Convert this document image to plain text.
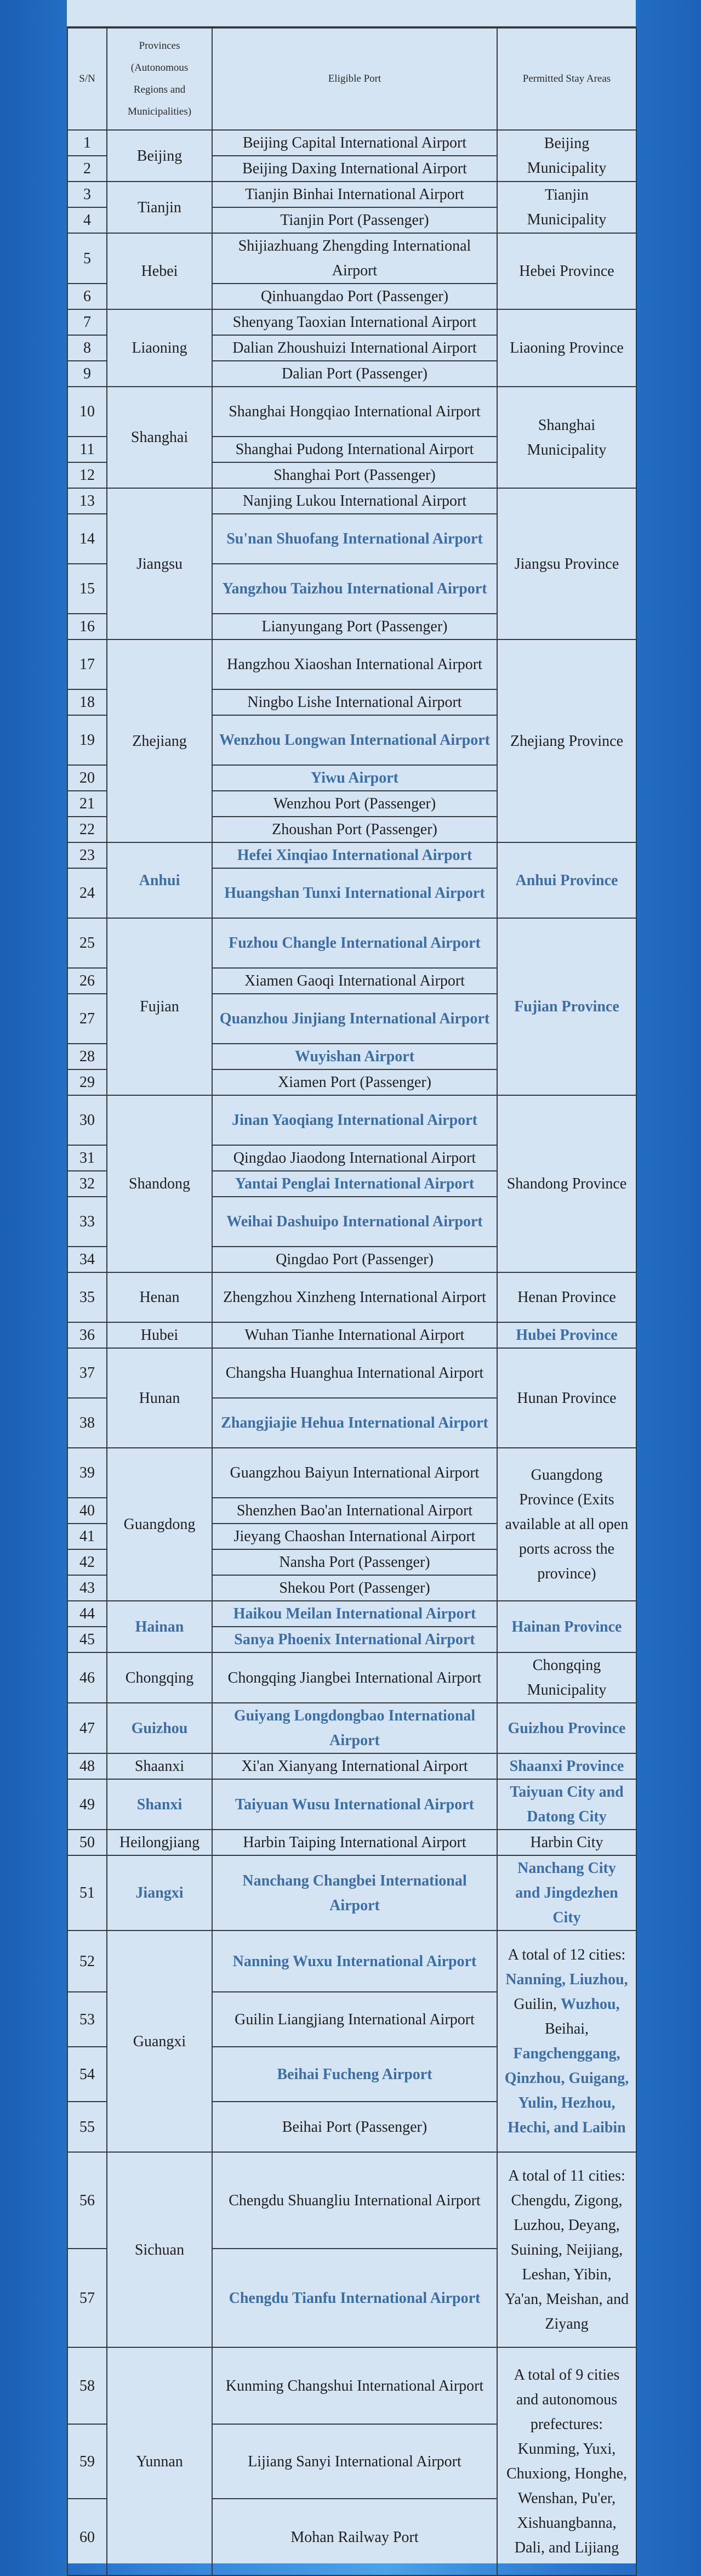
S/N	Provinces (Autonomous Regions and Municipalities)	Eligible Port	Permitted Stay Areas
1	Beijing	Beijing Capital International Airport	Beijing Municipality
2		Beijing Daxing International Airport	
3	Tianjin	Tianjin Binhai International Airport	Tianjin Municipality
4		Tianjin Port (Passenger)	
5	Hebei	Shijiazhuang Zhengding International Airport	Hebei Province
6		Qinhuangdao Port (Passenger)	
7	Liaoning	Shenyang Taoxian International Airport	Liaoning Province
8		Dalian Zhoushuizi International Airport	
9		Dalian Port (Passenger)	
10	Shanghai	Shanghai Hongqiao International Airport	Shanghai Municipality
11		Shanghai Pudong International Airport	
12		Shanghai Port (Passenger)	
13	Jiangsu	Nanjing Lukou International Airport	Jiangsu Province
14		Su'nan Shuofang International Airport	
15		Yangzhou Taizhou International Airport	
16		Lianyungang Port (Passenger)	
17	Zhejiang	Hangzhou Xiaoshan International Airport	Zhejiang Province
18		Ningbo Lishe International Airport	
19		Wenzhou Longwan International Airport	
20		Yiwu Airport	
21		Wenzhou Port (Passenger)	
22		Zhoushan Port (Passenger)	
23	Anhui	Hefei Xinqiao International Airport	Anhui Province
24		Huangshan Tunxi International Airport	
25	Fujian	Fuzhou Changle International Airport	Fujian Province
26		Xiamen Gaoqi International Airport	
27		Quanzhou Jinjiang International Airport	
28		Wuyishan Airport	
29		Xiamen Port (Passenger)	
30	Shandong	Jinan Yaoqiang International Airport	Shandong Province
31		Qingdao Jiaodong International Airport	
32		Yantai Penglai International Airport	
33		Weihai Dashuipo International Airport	
34		Qingdao Port (Passenger)	
35	Henan	Zhengzhou Xinzheng International Airport	Henan Province
36	Hubei	Wuhan Tianhe International Airport	Hubei Province
37	Hunan	Changsha Huanghua International Airport	Hunan Province
38		Zhangjiajie Hehua International Airport	
39	Guangdong	Guangzhou Baiyun International Airport	Guangdong Province (Exits available at all open ports across the province)
40		Shenzhen Bao'an International Airport	
41		Jieyang Chaoshan International Airport	
42		Nansha Port (Passenger)	
43		Shekou Port (Passenger)	
44	Hainan	Haikou Meilan International Airport	Hainan Province
45		Sanya Phoenix International Airport	
46	Chongqing	Chongqing Jiangbei International Airport	Chongqing Municipality
47	Guizhou	Guiyang Longdongbao International Airport	Guizhou Province
48	Shaanxi	Xi'an Xianyang International Airport	Shaanxi Province
49	Shanxi	Taiyuan Wusu International Airport	Taiyuan City and Datong City
50	Heilongjiang	Harbin Taiping International Airport	Harbin City
51	Jiangxi	Nanchang Changbei International Airport	Nanchang City and Jingdezhen City
52	Guangxi	Nanning Wuxu International Airport	A total of 12 cities: Nanning, Liuzhou, Guilin, Wuzhou, Beihai, Fangchenggang, Qinzhou, Guigang, Yulin, Hezhou, Hechi, and Laibin
53		Guilin Liangjiang International Airport	
54		Beihai Fucheng Airport	
55		Beihai Port (Passenger)	
56	Sichuan	Chengdu Shuangliu International Airport	A total of 11 cities: Chengdu, Zigong, Luzhou, Deyang, Suining, Neijiang, Leshan, Yibin, Ya'an, Meishan, and Ziyang
57		Chengdu Tianfu International Airport	
58	Yunnan	Kunming Changshui International Airport	A total of 9 cities and autonomous prefectures: Kunming, Yuxi, Chuxiong, Honghe, Wenshan, Pu'er, Xishuangbanna, Dali, and Lijiang
59		Lijiang Sanyi International Airport	
60		Mohan Railway Port	
